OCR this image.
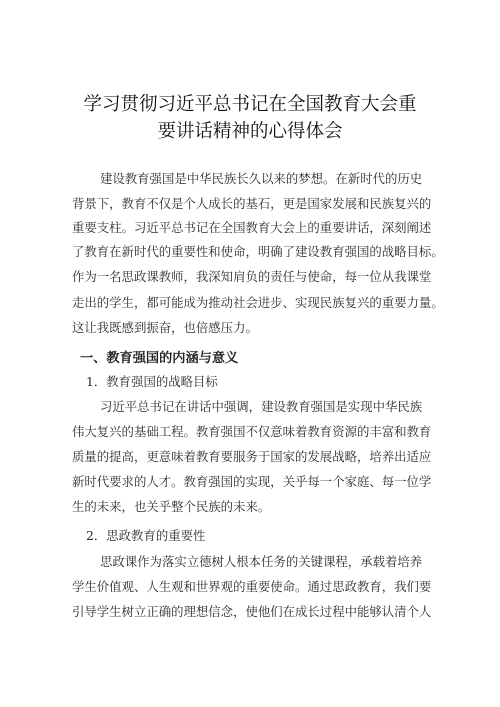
学习贯彻习近平总书记在全国教育大会重
要讲话精神的心得体会
建设教育强国是中华民族长久以来的梦想。在新时代的历史
背景下，教育不仅是个人成长的基石，更是国家发展和民族复兴的
重要支柱。习近平总书记在全国教育大会上的重要讲话，深刻阐述
了教育在新时代的重要性和使命，明确了建设教育强国的战略目标。
作为一名思政课教师，我深知肩负的责任与使命，每一位从我课堂
走出的学生，都可能成为推动社会进步、实现民族复兴的重要力量。
这让我既感到振奋，也倍感压力。
一、教育强国的内涵与意义
1．教育强国的战略目标
习近平总书记在讲话中强调，建设教育强国是实现中华民族
伟大复兴的基础工程。教育强国不仅意味着教育资源的丰富和教育
质量的提高，更意味着教育要服务于国家的发展战略，培养出适应
新时代要求的人才。教育强国的实现，关乎每一个家庭、每一位学
生的未来，也关乎整个民族的未来。
2．思政教育的重要性
思政课作为落实立德树人根本任务的关键课程，承载着培养
学生价值观、人生观和世界观的重要使命。通过思政教育，我们要
引导学生树立正确的理想信念，使他们在成长过程中能够认清个人
